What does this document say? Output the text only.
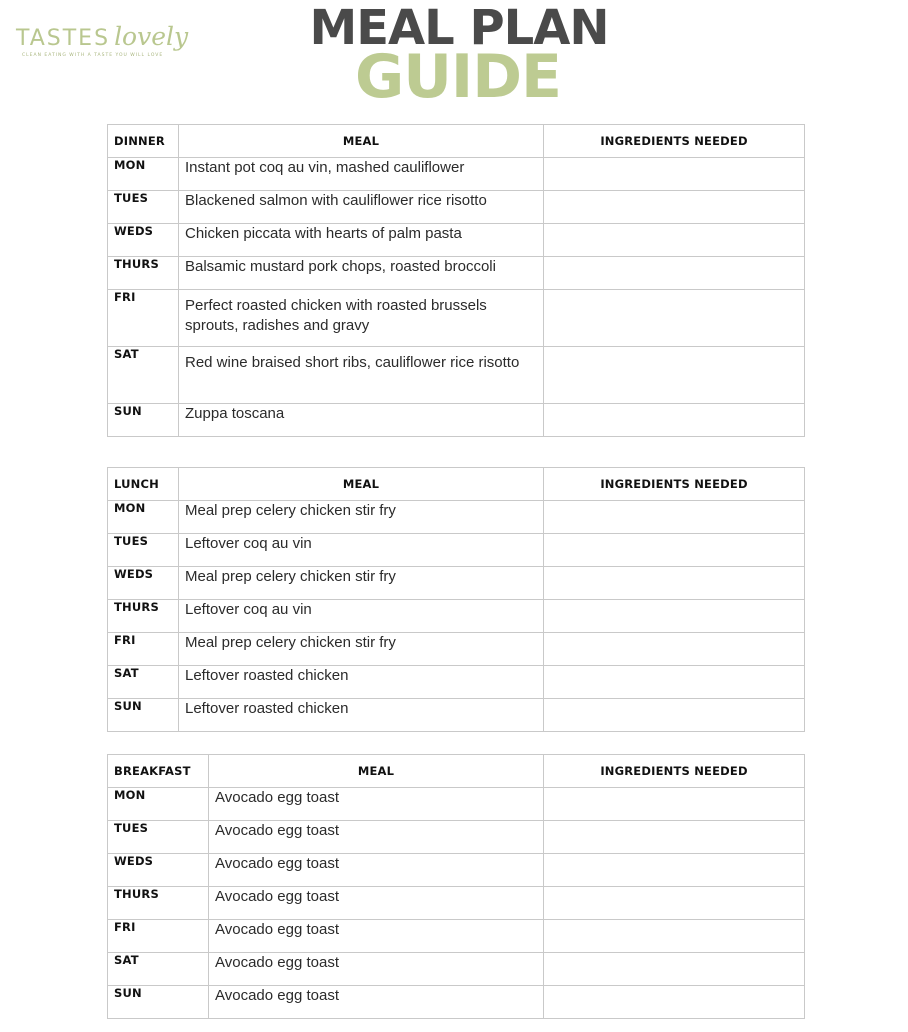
TASTES lovely
CLEAN EATING WITH A TASTE YOU WILL LOVE	MEAL PLAN
GUIDE
DINNER	MEAL	INGREDIENTS NEEDED
MON	Instant pot coq au vin, mashed cauliflower	
TUES	Blackened salmon with cauliflower rice risotto	
WEDS	Chicken piccata with hearts of palm pasta	
THURS	Balsamic mustard pork chops, roasted broccoli	
FRI	Perfect roasted chicken with roasted brussels sprouts, radishes and gravy	
SAT	Red wine braised short ribs, cauliflower rice risotto	
SUN	Zuppa toscana	
LUNCH	MEAL	INGREDIENTS NEEDED
MON	Meal prep celery chicken stir fry	
TUES	Leftover coq au vin	
WEDS	Meal prep celery chicken stir fry	
THURS	Leftover coq au vin	
FRI	Meal prep celery chicken stir fry	
SAT	Leftover roasted chicken	
SUN	Leftover roasted chicken	
BREAKFAST	MEAL	INGREDIENTS NEEDED
MON	Avocado egg toast	
TUES	Avocado egg toast	
WEDS	Avocado egg toast	
THURS	Avocado egg toast	
FRI	Avocado egg toast	
SAT	Avocado egg toast	
SUN	Avocado egg toast	
